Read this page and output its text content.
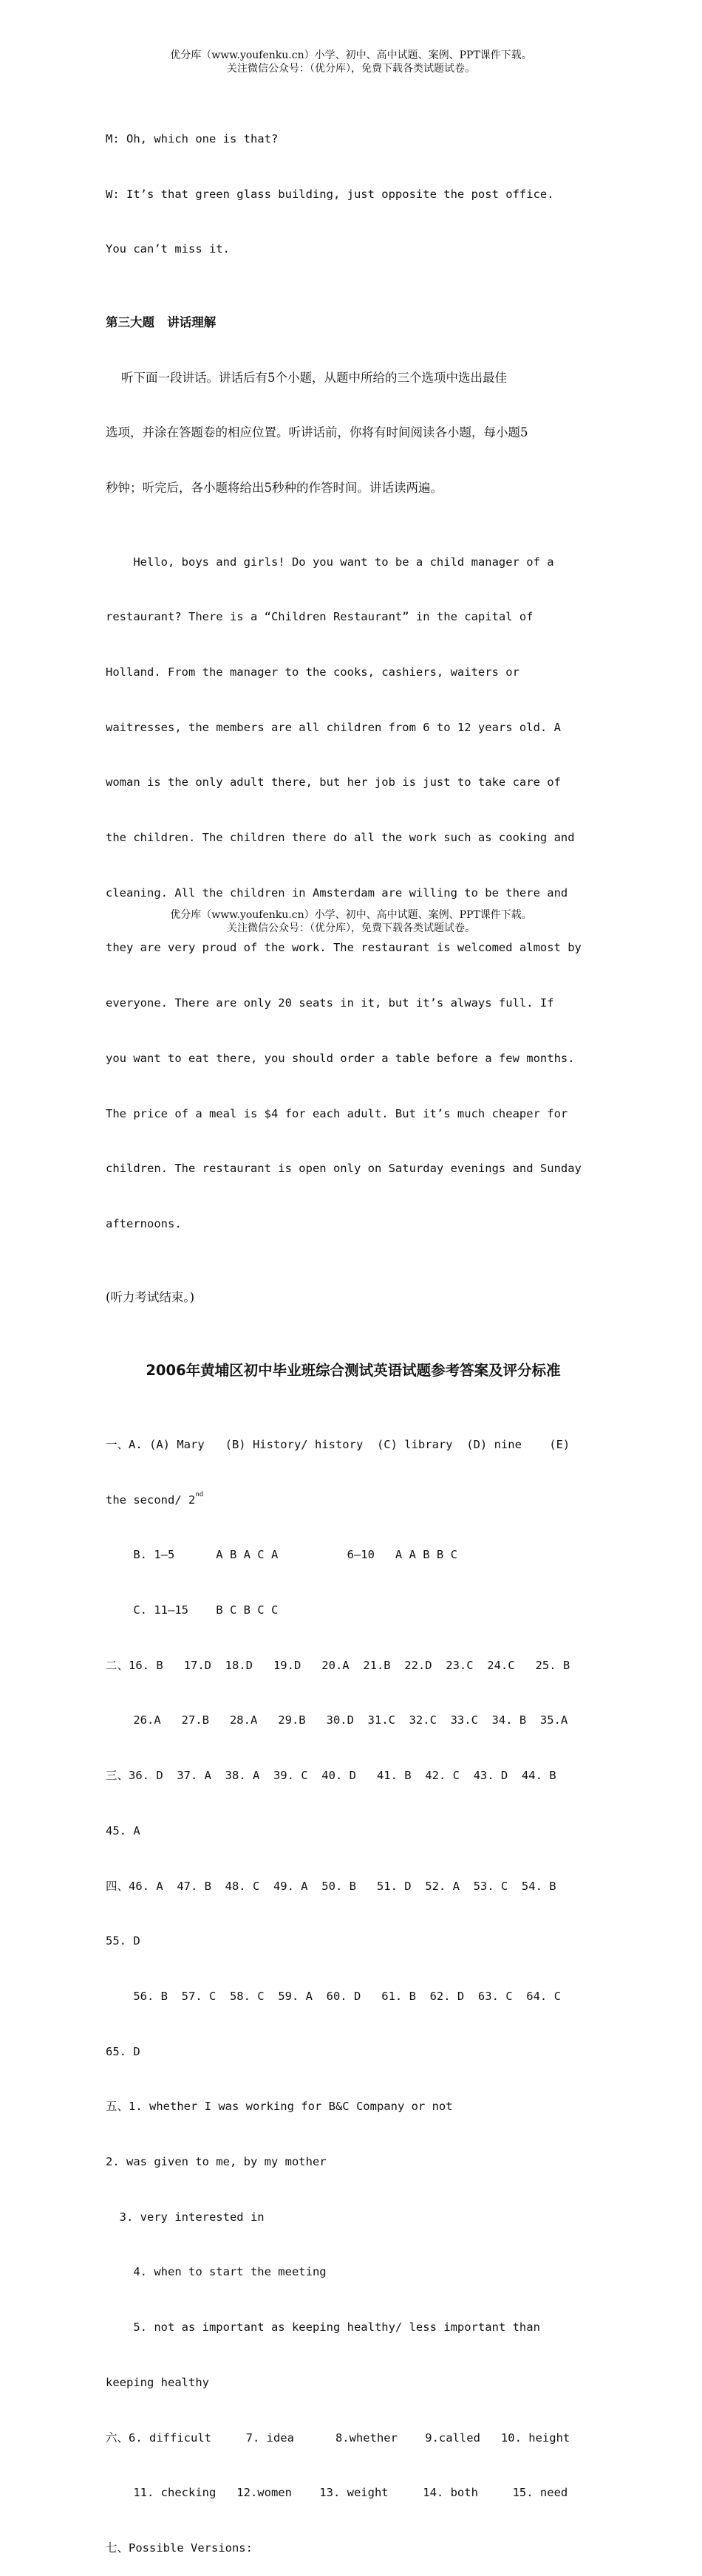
优分库（www.youfenku.cn）小学、初中、高中试题、案例、PPT课件下载。
关注微信公众号：（优分库），免费下载各类试题试卷。

M: Oh, which one is that?

W: It’s that green glass building, just opposite the post office.

You can’t miss it.

第三大题   讲话理解

听下面一段讲话。讲话后有5个小题，从题中所给的三个选项中选出最佳

选项，并涂在答题卷的相应位置。听讲话前，你将有时间阅读各小题，每小题5

秒钟；听完后，各小题将给出5秒种的作答时间。讲话读两遍。

Hello, boys and girls! Do you want to be a child manager of a

restaurant? There is a “Children Restaurant” in the capital of

Holland. From the manager to the cooks, cashiers, waiters or

waitresses, the members are all children from 6 to 12 years old. A

woman is the only adult there, but her job is just to take care of

the children. The children there do all the work such as cooking and

cleaning. All the children in Amsterdam are willing to be there and

they are very proud of the work. The restaurant is welcomed almost by

everyone. There are only 20 seats in it, but it’s always full. If

you want to eat there, you should order a table before a few months.

The price of a meal is $4 for each adult. But it’s much cheaper for

children. The restaurant is open only on Saturday evenings and Sunday

afternoons.

(听力考试结束。)

2006年黄埔区初中毕业班综合测试英语试题参考答案及评分标准

一、A. (A) Mary   (B) History/ history  (C) library  (D) nine    (E)

the second/ 2nd

B. 1—5      A B A C A          6—10   A A B B C

C. 11—15    B C B C C

二、16. B   17.D  18.D   19.D   20.A  21.B  22.D  23.C  24.C   25. B

26.A   27.B   28.A   29.B   30.D  31.C  32.C  33.C  34. B  35.A

三、36. D  37. A  38. A  39. C  40. D   41. B  42. C  43. D  44. B

45. A

四、46. A  47. B  48. C  49. A  50. B   51. D  52. A  53. C  54. B

55. D

56. B  57. C  58. C  59. A  60. D   61. B  62. D  63. C  64. C

65. D

五、1. whether I was working for B&C Company or not

2. was given to me, by my mother

3. very interested in

4. when to start the meeting

5. not as important as keeping healthy/ less important than

keeping healthy

六、6. difficult     7. idea      8.whether    9.called   10. height

11. checking   12.women    13. weight     14. both     15. need

七、Possible Versions:

优分库（www.youfenku.cn）小学、初中、高中试题、案例、PPT课件下载。
关注微信公众号：（优分库），免费下载各类试题试卷。
